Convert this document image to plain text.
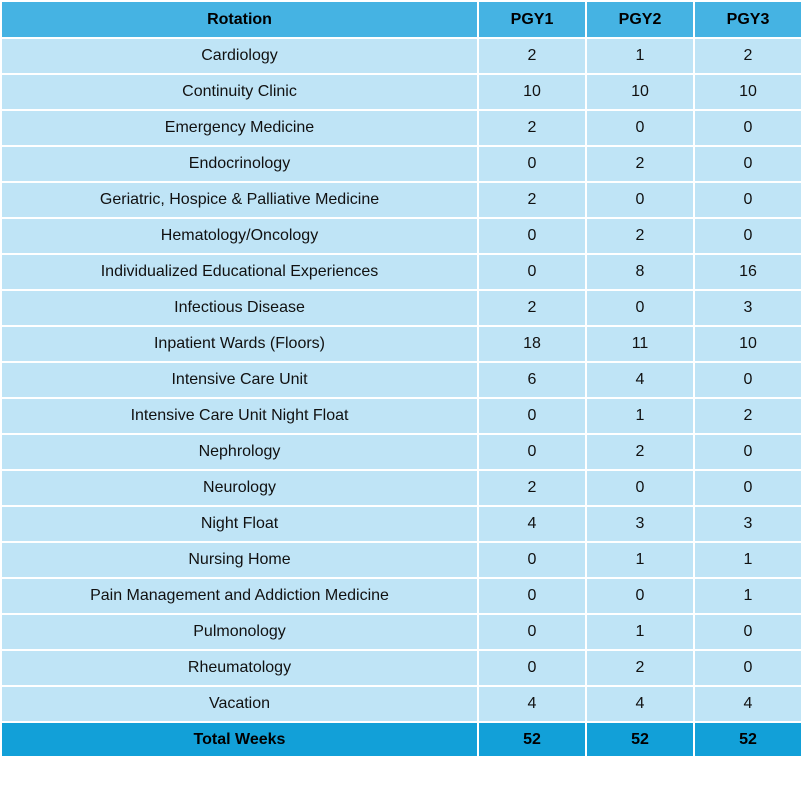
Rotation	PGY1	PGY2	PGY3
Cardiology	2	1	2
Continuity Clinic	10	10	10
Emergency Medicine	2	0	0
Endocrinology	0	2	0
Geriatric, Hospice & Palliative Medicine	2	0	0
Hematology/Oncology	0	2	0
Individualized Educational Experiences	0	8	16
Infectious Disease	2	0	3
Inpatient Wards (Floors)	18	11	10
Intensive Care Unit	6	4	0
Intensive Care Unit Night Float	0	1	2
Nephrology	0	2	0
Neurology	2	0	0
Night Float	4	3	3
Nursing Home	0	1	1
Pain Management and Addiction Medicine	0	0	1
Pulmonology	0	1	0
Rheumatology	0	2	0
Vacation	4	4	4
Total Weeks	52	52	52
